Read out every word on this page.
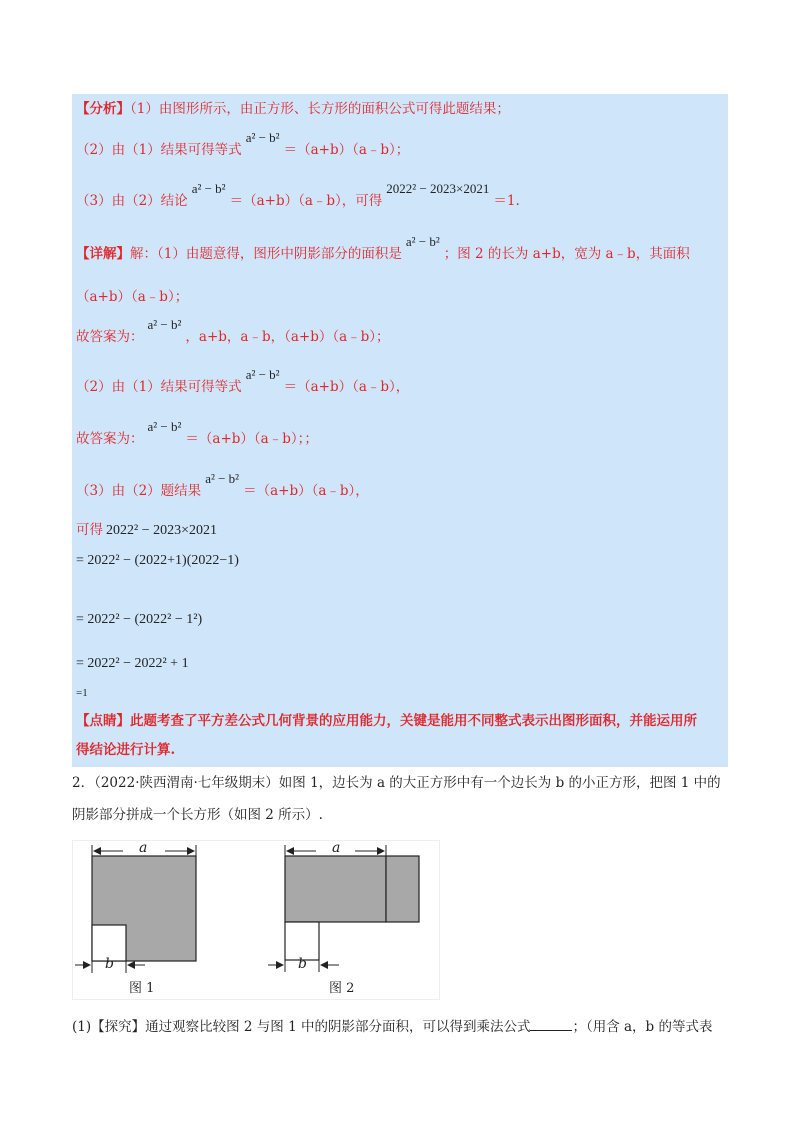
【分析】（1）由图形所示，由正方形、长方形的面积公式可得此题结果；
（2）由（1）结果可得等式a² − b²＝（a+b）（a﹣b）；
（3）由（2）结论a² − b²＝（a+b）（a﹣b），可得2022² − 2023×2021＝1.
【详解】解：（1）由题意得，图形中阴影部分的面积是a² − b²；图 2 的长为 a+b，宽为 a﹣b，其面积
（a+b）（a﹣b）；
故答案为：a² − b²，a+b，a﹣b，（a+b）（a﹣b）；
（2）由（1）结果可得等式a² − b²＝（a+b）（a﹣b），
故答案为：a² − b²＝（a+b）（a﹣b）；；
（3）由（2）题结果a² − b²＝（a+b）（a﹣b），
可得 2022² − 2023×2021
= 2022² − (2022+1)(2022−1)
= 2022² − (2022² − 1²)
= 2022² − 2022² + 1
=1
【点睛】此题考查了平方差公式几何背景的应用能力，关键是能用不同整式表示出图形面积，并能运用所
得结论进行计算.
2．（2022·陕西渭南·七年级期末）如图 1，边长为 a 的大正方形中有一个边长为 b 的小正方形，把图 1 中的
阴影部分拼成一个长方形（如图 2 所示）.
a
b
图 1
a
b
图 2
(1)【探究】通过观察比较图 2 与图 1 中的阴影部分面积，可以得到乘法公式	；（用含 a，b 的等式表
